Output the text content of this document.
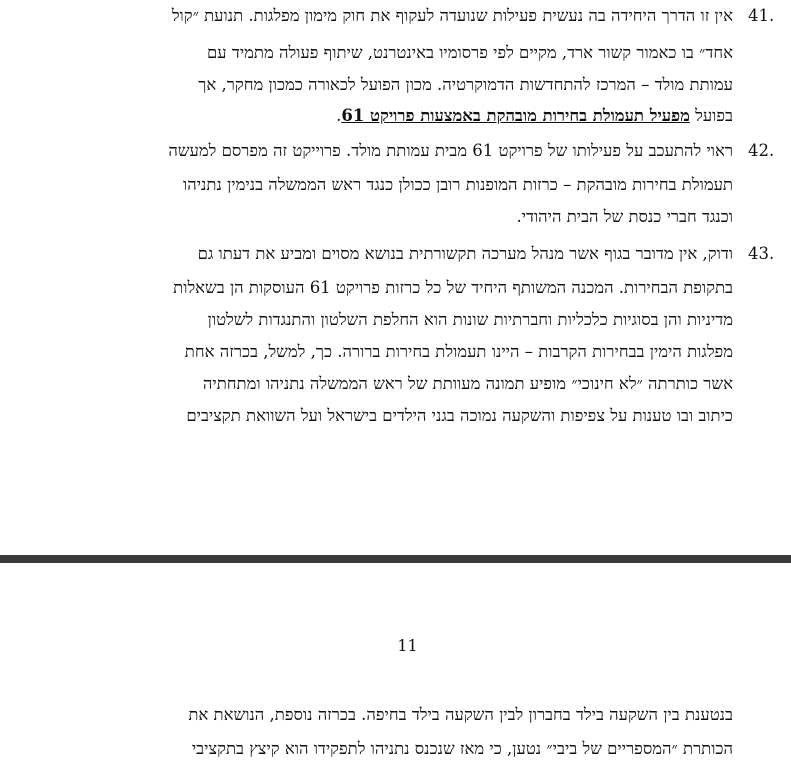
41.
אין זו הדרך היחידה בה נעשית פעילות שנועדה לעקוף את חוק מימון מפלגות. תנועת ״קול
אחד״ בו כאמור קשור ארד, מקיים לפי פרסומיו באינטרנט, שיתוף פעולה מתמיד עם
עמותת מולד – המרכז להתחדשות הדמוקרטיה. מכון הפועל לכאורה כמכון מחקר, אך
בפועל מפעיל תעמולת בחירות מובהקת באמצעות פרויקט 61.
42.
ראוי להתעכב על פעילותו של פרויקט 61 מבית עמותת מולד. פרוייקט זה מפרסם למעשה
תעמולת בחירות מובהקת – כרזות המופנות רובן ככולן כנגד ראש הממשלה בנימין נתניהו
וכנגד חברי כנסת של הבית היהודי.
43.
ודוק, אין מדובר בגוף אשר מנהל מערכה תקשורתית בנושא מסוים ומביע את דעתו גם
בתקופת הבחירות. המכנה המשותף היחיד של כל כרזות פרויקט 61 העוסקות הן בשאלות
מדיניות והן בסוגיות כלכליות וחברתיות שונות הוא החלפת השלטון והתנגדות לשלטון
מפלגות הימין בבחירות הקרבות – היינו תעמולת בחירות ברורה. כך, למשל, בכרזה אחת
אשר כותרתה ״לא חינוכי״ מופיע תמונה מעוותת של ראש הממשלה נתניהו ומתחתיה
כיתוב ובו טענות על צפיפות והשקעה נמוכה בגני הילדים בישראל ועל השוואת תקציבים
11
בנטענת בין השקעה בילד בחברון לבין השקעה בילד בחיפה. בכרזה נוספת, הנושאת את
הכותרת ״המספריים של ביבי״ נטען, כי מאז שנכנס נתניהו לתפקידו הוא קיצץ בתקציבי
